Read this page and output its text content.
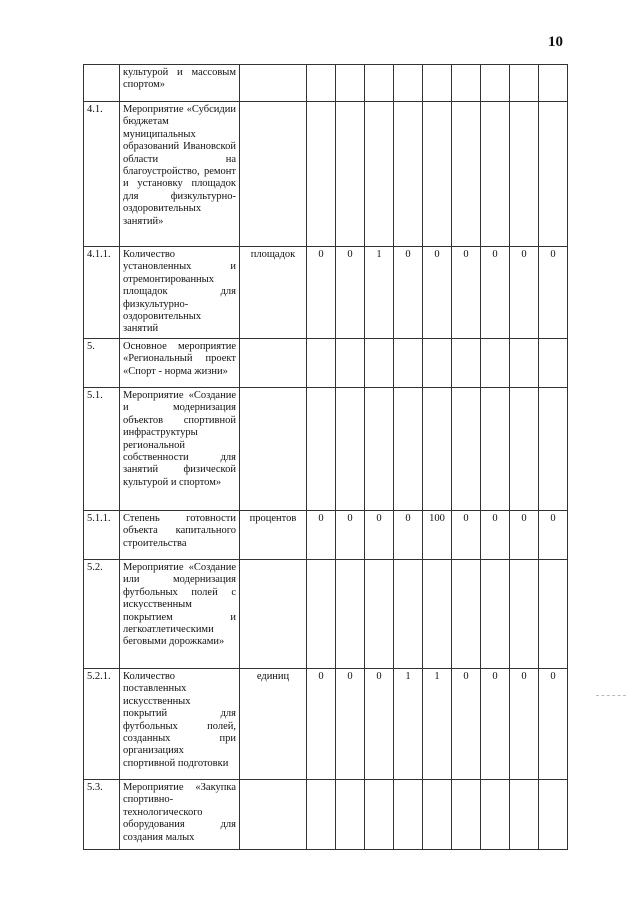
10
	культурой и массовым спортом»										
4.1.	Мероприятие «Субсидии бюджетам муниципальных образований Ивановской области на благоустройство, ремонт и установку площадок для физкультурно-оздоровительных занятий»										
4.1.1.	Количество установленных и отремонтированных площадок для физкультурно-оздоровительных занятий	площадок	0	0	1	0	0	0	0	0	0
5.	Основное мероприятие «Региональный проект «Спорт - норма жизни»										
5.1.	Мероприятие «Создание и модернизация объектов спортивной инфраструктуры региональной собственности для занятий физической культурой и спортом»										
5.1.1.	Степень готовности объекта капитального строительства	процентов	0	0	0	0	100	0	0	0	0
5.2.	Мероприятие «Создание или модернизация футбольных полей с искусственным покрытием и легкоатлетическими беговыми дорожками»										
5.2.1.	Количество поставленных искусственных покрытий для футбольных полей, созданных при организациях спортивной подготовки	единиц	0	0	0	1	1	0	0	0	0
5.3.	Мероприятие «Закупка спортивно-технологического оборудования для создания малых										
